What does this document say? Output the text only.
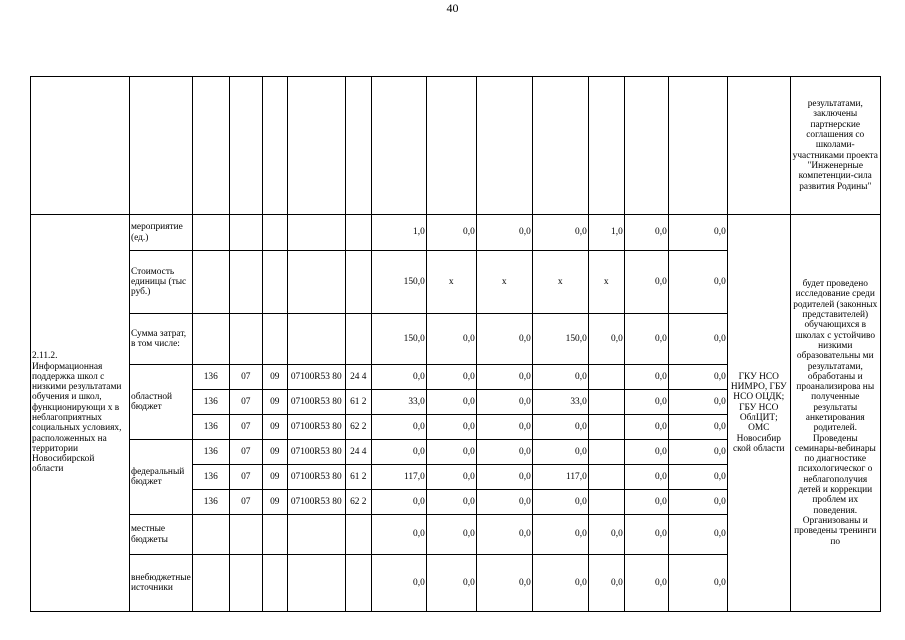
40
															результатами, заключены партнерские соглашения со школами-участниками проекта "Инженерные компетенции-сила развития Родины"
2.11.2. Информационная поддержка школ с низкими результатами обучения и школ, функционирующи х в неблагоприятных социальных условиях, расположенных на территории Новосибирской области	мероприятие (ед.)						1,0	0,0	0,0	0,0	1,0	0,0	0,0	ГКУ НСО НИМРО, ГБУ НСО ОЦДК; ГБУ НСО ОблЦИТ; ОМС Новосибир ской области	будет проведено исследование среди родителей (законных представителей) обучающихся в школах с устойчиво низкими образовательны ми результатами, обработаны и проанализирова ны полученные результаты анкетирования родителей. Проведены семинары-вебинары по диагностике психологическог о неблагополучия детей и коррекции проблем их поведения. Организованы и проведены тренинги по
	Стоимость единицы (тыс руб.)						150,0	х	х	х	х	0,0	0,0		
	Сумма затрат, в том числе:						150,0	0,0	0,0	150,0	0,0	0,0	0,0		
	областной бюджет	136	07	09	07100R53 80	24 4	0,0	0,0	0,0	0,0		0,0	0,0		
		136	07	09	07100R53 80	61 2	33,0	0,0	0,0	33,0		0,0	0,0		
		136	07	09	07100R53 80	62 2	0,0	0,0	0,0	0,0		0,0	0,0		
	федеральный бюджет	136	07	09	07100R53 80	24 4	0,0	0,0	0,0	0,0		0,0	0,0		
		136	07	09	07100R53 80	61 2	117,0	0,0	0,0	117,0		0,0	0,0		
		136	07	09	07100R53 80	62 2	0,0	0,0	0,0	0,0		0,0	0,0		
	местные бюджеты						0,0	0,0	0,0	0,0	0,0	0,0	0,0		
	внебюджетные источники						0,0	0,0	0,0	0,0	0,0	0,0	0,0		
